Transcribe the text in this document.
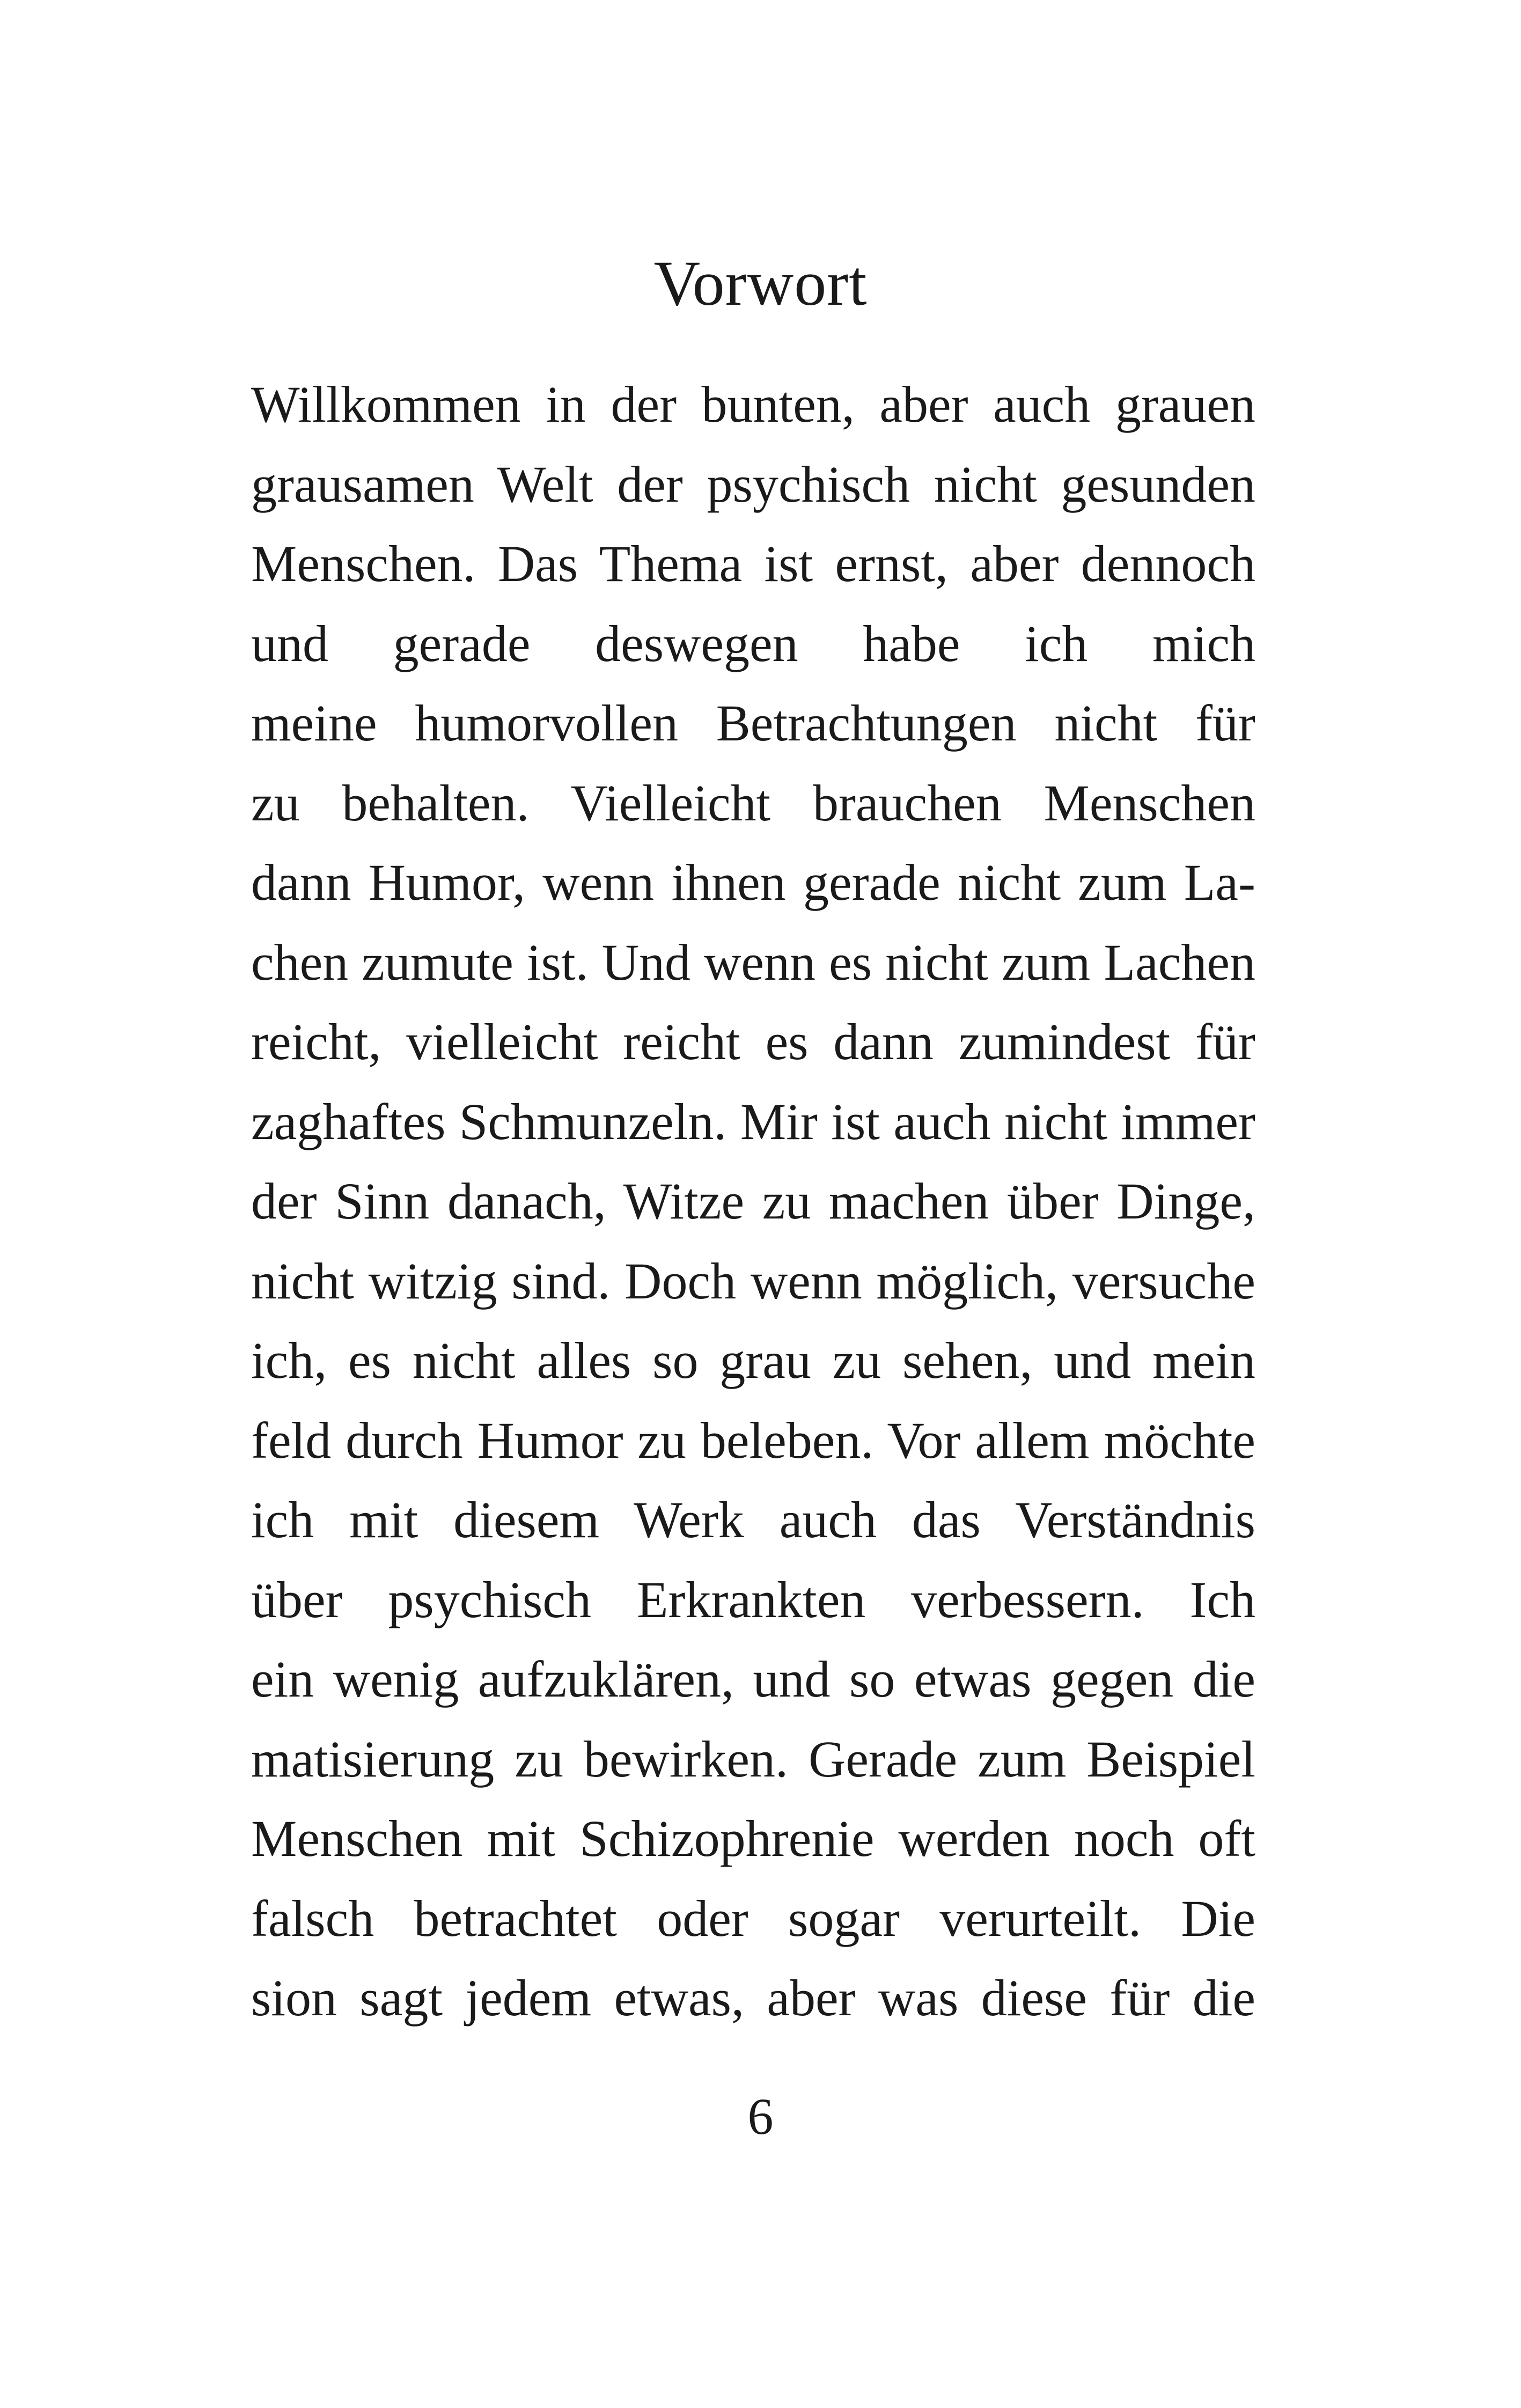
Vorwort
Willkommen in der bunten, aber auch grauen
grausamen Welt der psychisch nicht gesunden
Menschen. Das Thema ist ernst, aber dennoch
und gerade deswegen habe ich mich
meine humorvollen Betrachtungen nicht für
zu behalten. Vielleicht brauchen Menschen
dann Humor, wenn ihnen gerade nicht zum La-
chen zumute ist. Und wenn es nicht zum Lachen
reicht, vielleicht reicht es dann zumindest für
zaghaftes Schmunzeln. Mir ist auch nicht immer
der Sinn danach, Witze zu machen über Dinge,
nicht witzig sind. Doch wenn möglich, versuche
ich, es nicht alles so grau zu sehen, und mein
feld durch Humor zu beleben. Vor allem möchte
ich mit diesem Werk auch das Verständnis
über psychisch Erkrankten verbessern. Ich
ein wenig aufzuklären, und so etwas gegen die
matisierung zu bewirken. Gerade zum Beispiel
Menschen mit Schizophrenie werden noch oft
falsch betrachtet oder sogar verurteilt. Die
sion sagt jedem etwas, aber was diese für die
6
